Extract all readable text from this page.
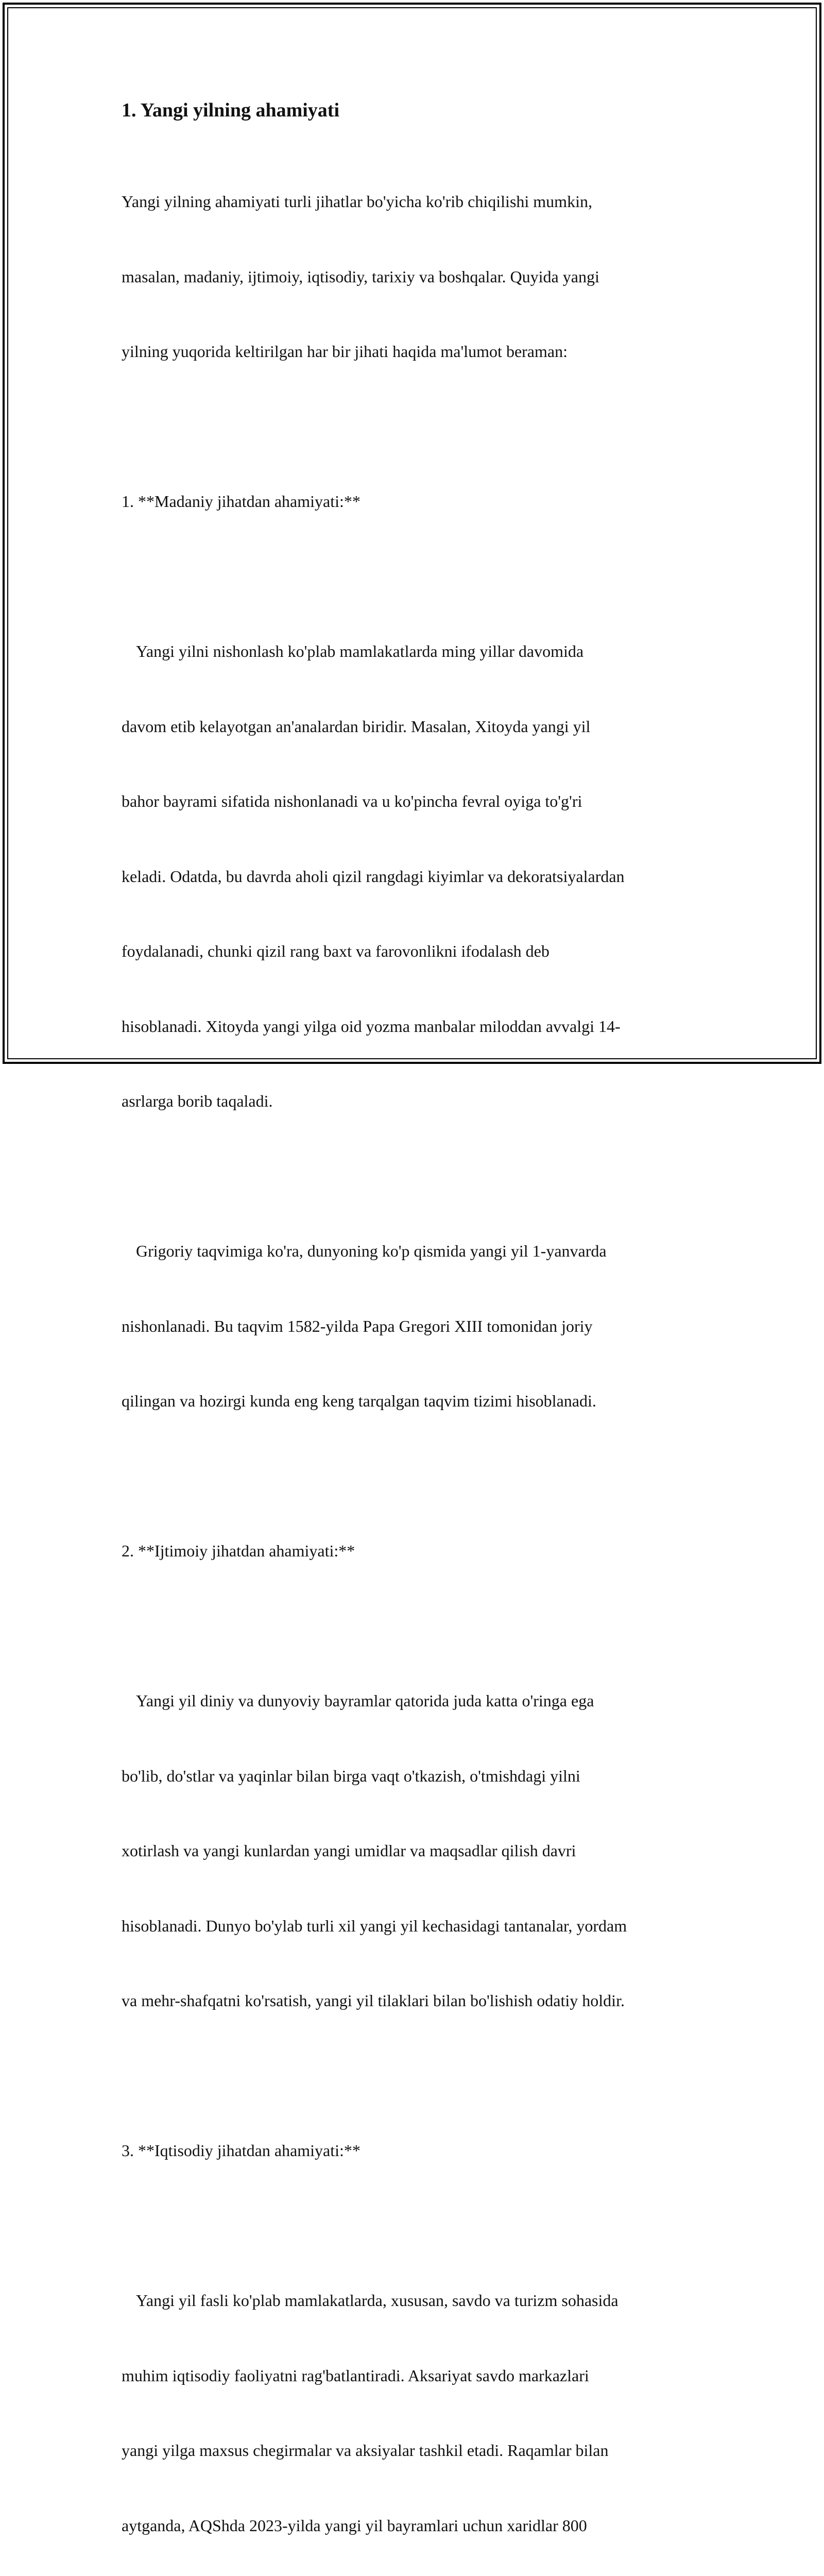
1. Yangi yilning ahamiyati

Yangi yilning ahamiyati turli jihatlar bo'yicha ko'rib chiqilishi mumkin,

masalan, madaniy, ijtimoiy, iqtisodiy, tarixiy va boshqalar. Quyida yangi

yilning yuqorida keltirilgan har bir jihati haqida ma'lumot beraman:

1. **Madaniy jihatdan ahamiyati:**

Yangi yilni nishonlash ko'plab mamlakatlarda ming yillar davomida

davom etib kelayotgan an'analardan biridir. Masalan, Xitoyda yangi yil

bahor bayrami sifatida nishonlanadi va u ko'pincha fevral oyiga to'g'ri

keladi. Odatda, bu davrda aholi qizil rangdagi kiyimlar va dekoratsiyalardan

foydalanadi, chunki qizil rang baxt va farovonlikni ifodalash deb

hisoblanadi. Xitoyda yangi yilga oid yozma manbalar miloddan avvalgi 14-

asrlarga borib taqaladi.

Grigoriy taqvimiga ko'ra, dunyoning ko'p qismida yangi yil 1-yanvarda

nishonlanadi. Bu taqvim 1582-yilda Papa Gregori XIII tomonidan joriy

qilingan va hozirgi kunda eng keng tarqalgan taqvim tizimi hisoblanadi.

2. **Ijtimoiy jihatdan ahamiyati:**

Yangi yil diniy va dunyoviy bayramlar qatorida juda katta o'ringa ega

bo'lib, do'stlar va yaqinlar bilan birga vaqt o'tkazish, o'tmishdagi yilni

xotirlash va yangi kunlardan yangi umidlar va maqsadlar qilish davri

hisoblanadi. Dunyo bo'ylab turli xil yangi yil kechasidagi tantanalar, yordam

va mehr-shafqatni ko'rsatish, yangi yil tilaklari bilan bo'lishish odatiy holdir.

3. **Iqtisodiy jihatdan ahamiyati:**

Yangi yil fasli ko'plab mamlakatlarda, xususan, savdo va turizm sohasida

muhim iqtisodiy faoliyatni rag'batlantiradi. Aksariyat savdo markazlari

yangi yilga maxsus chegirmalar va aksiyalar tashkil etadi. Raqamlar bilan

aytganda, AQShda 2023-yilda yangi yil bayramlari uchun xaridlar 800
